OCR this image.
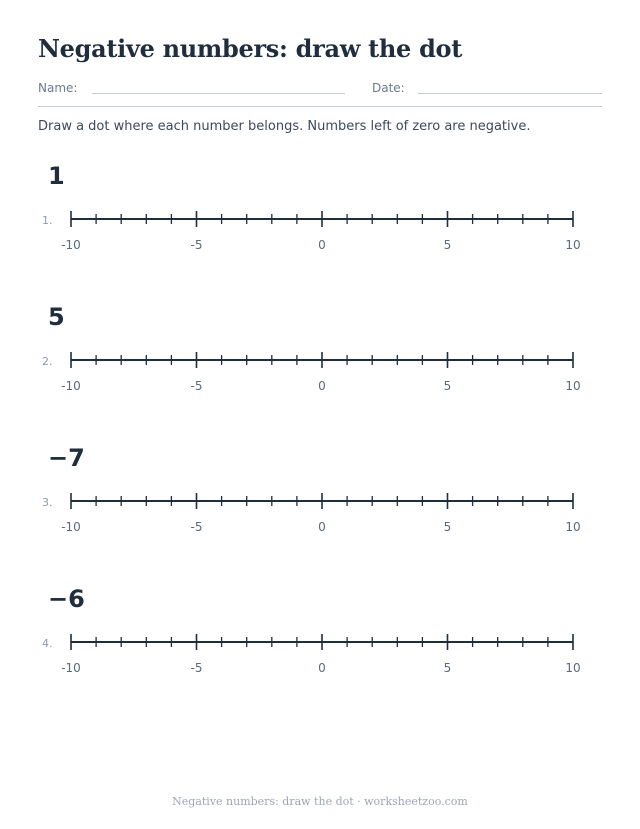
Negative numbers: draw the dot
Name:	Date:
Draw a dot where each number belongs. Numbers left of zero are negative.
1
1.
-10	-5	0	5	10
5
2.
-10	-5	0	5	10
−7
3.
-10	-5	0	5	10
−6
4.
-10	-5	0	5	10
Negative numbers: draw the dot · worksheetzoo.com
